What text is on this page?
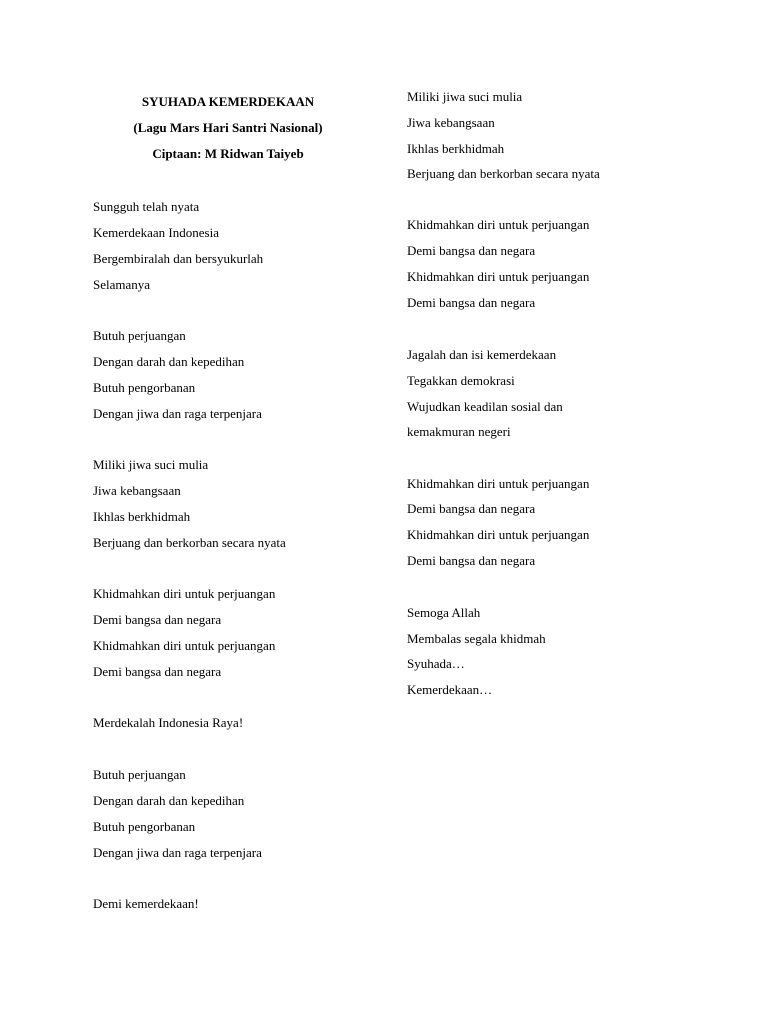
SYUHADA KEMERDEKAAN
(Lagu Mars Hari Santri Nasional)
Ciptaan: M Ridwan Taiyeb
Sungguh telah nyata
Kemerdekaan Indonesia
Bergembiralah dan bersyukurlah
Selamanya
Butuh perjuangan
Dengan darah dan kepedihan
Butuh pengorbanan
Dengan jiwa dan raga terpenjara
Miliki jiwa suci mulia
Jiwa kebangsaan
Ikhlas berkhidmah
Berjuang dan berkorban secara nyata
Khidmahkan diri untuk perjuangan
Demi bangsa dan negara
Khidmahkan diri untuk perjuangan
Demi bangsa dan negara
Merdekalah Indonesia Raya!
Butuh perjuangan
Dengan darah dan kepedihan
Butuh pengorbanan
Dengan jiwa dan raga terpenjara
Demi kemerdekaan!
Miliki jiwa suci mulia
Jiwa kebangsaan
Ikhlas berkhidmah
Berjuang dan berkorban secara nyata
Khidmahkan diri untuk perjuangan
Demi bangsa dan negara
Khidmahkan diri untuk perjuangan
Demi bangsa dan negara
Jagalah dan isi kemerdekaan
Tegakkan demokrasi
Wujudkan keadilan sosial dan
kemakmuran negeri
Khidmahkan diri untuk perjuangan
Demi bangsa dan negara
Khidmahkan diri untuk perjuangan
Demi bangsa dan negara
Semoga Allah
Membalas segala khidmah
Syuhada…
Kemerdekaan…
